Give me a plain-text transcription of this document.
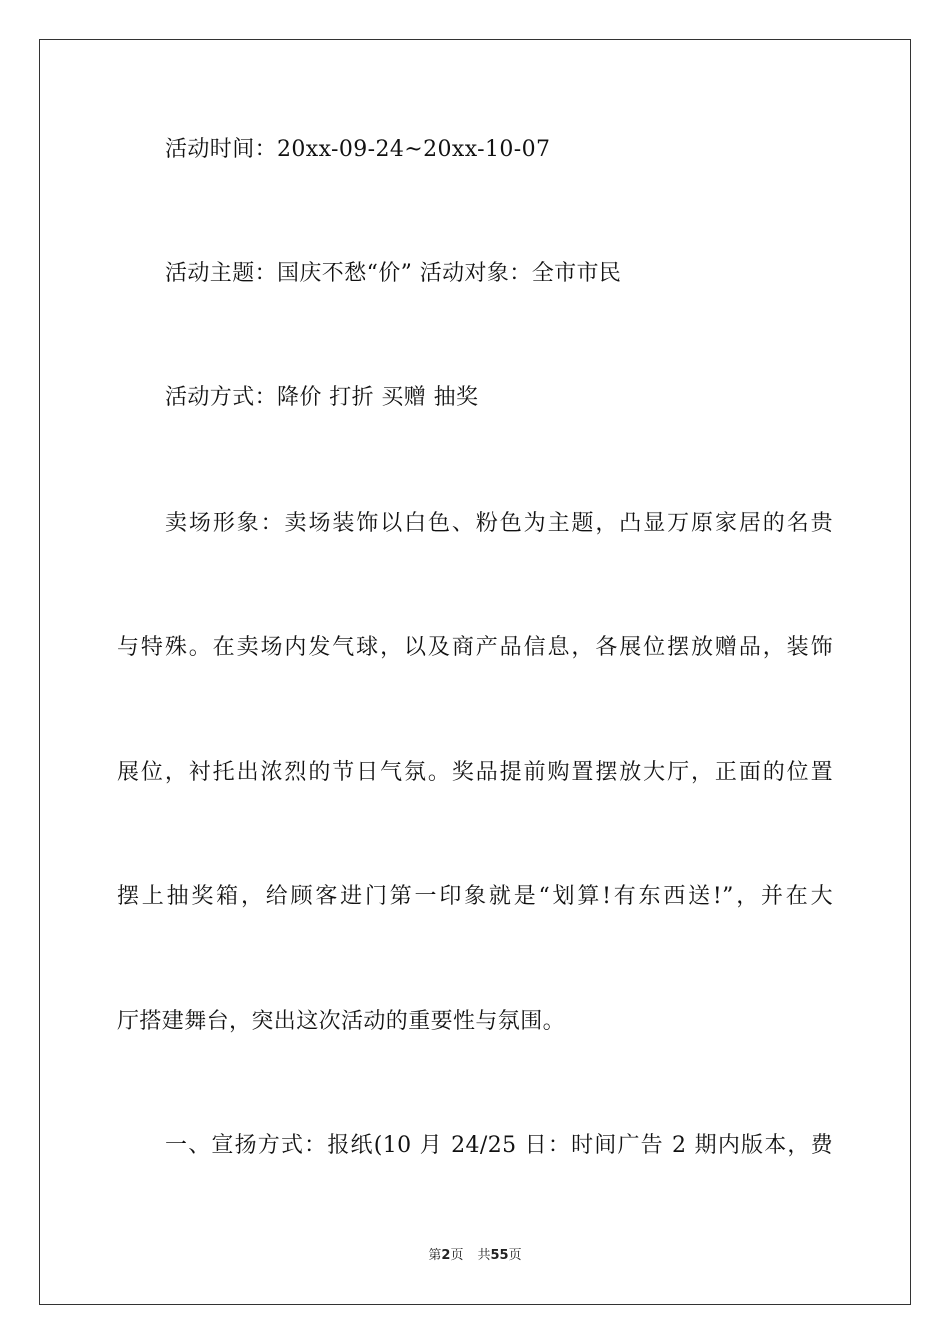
活动时间：20xx-09-24~20xx-10-07
活动主题：国庆不愁“价” 活动对象：全市市民
活动方式：降价 打折 买赠 抽奖
卖场形象：卖场装饰以白色、粉色为主题，凸显万原家居的名贵
与特殊。在卖场内发气球，以及商产品信息，各展位摆放赠品，装饰
展位，衬托出浓烈的节日气氛。奖品提前购置摆放大厅，正面的位置
摆上抽奖箱，给顾客进门第一印象就是“划算!有东西送!”，并在大
厅搭建舞台，突出这次活动的重要性与氛围。
一、宣扬方式：报纸(10 月 24/25 日：时间广告 2 期内版本，费
第2页 共55页
